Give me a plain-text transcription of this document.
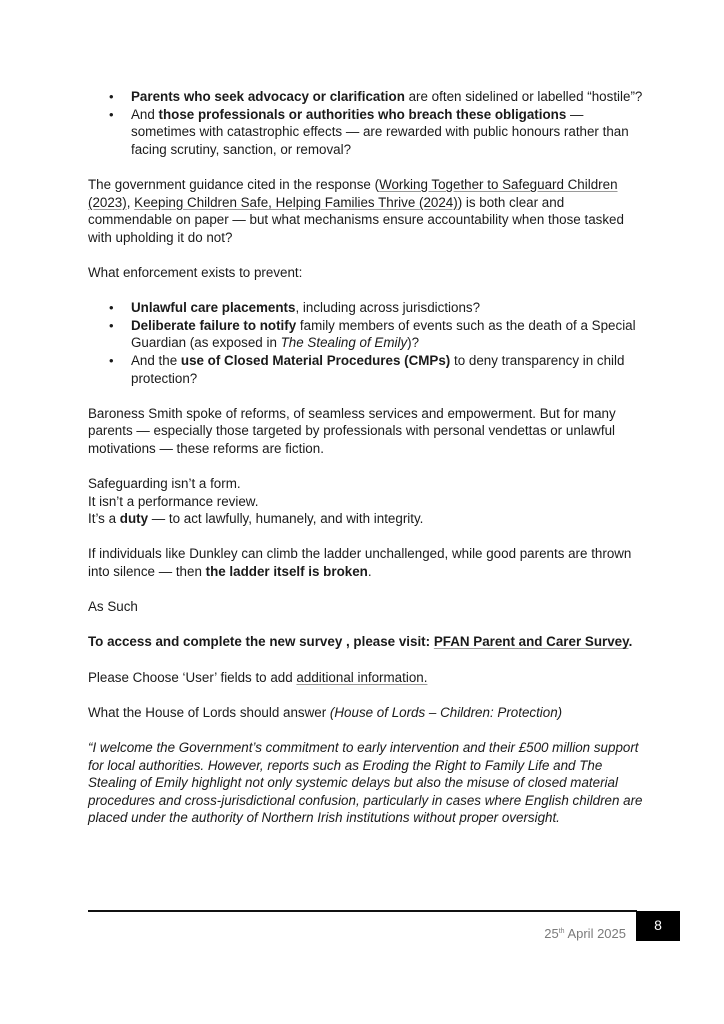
• Parents who seek advocacy or clarification are often sidelined or labelled “hostile”?
• And those professionals or authorities who breach these obligations — sometimes with catastrophic effects — are rewarded with public honours rather than facing scrutiny, sanction, or removal?

The government guidance cited in the response (Working Together to Safeguard Children (2023), Keeping Children Safe, Helping Families Thrive (2024)) is both clear and commendable on paper — but what mechanisms ensure accountability when those tasked with upholding it do not?

What enforcement exists to prevent:

• Unlawful care placements, including across jurisdictions?
• Deliberate failure to notify family members of events such as the death of a Special Guardian (as exposed in The Stealing of Emily)?
• And the use of Closed Material Procedures (CMPs) to deny transparency in child protection?

Baroness Smith spoke of reforms, of seamless services and empowerment. But for many parents — especially those targeted by professionals with personal vendettas or unlawful motivations — these reforms are fiction.

Safeguarding isn’t a form.
It isn’t a performance review.
It’s a duty — to act lawfully, humanely, and with integrity.

If individuals like Dunkley can climb the ladder unchallenged, while good parents are thrown into silence — then the ladder itself is broken.

As Such

To access and complete the new survey , please visit: PFAN Parent and Carer Survey.

Please Choose ‘User’ fields to add additional information.

What the House of Lords should answer (House of Lords – Children: Protection)

“I welcome the Government’s commitment to early intervention and their £500 million support for local authorities. However, reports such as Eroding the Right to Family Life and The Stealing of Emily highlight not only systemic delays but also the misuse of closed material procedures and cross-jurisdictional confusion, particularly in cases where English children are placed under the authority of Northern Irish institutions without proper oversight.

25th April 2025
8
